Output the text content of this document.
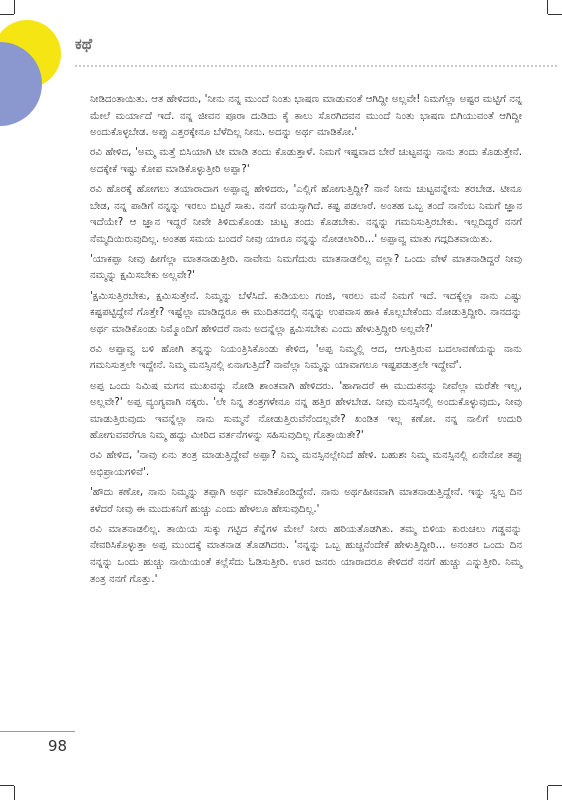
ಕಥೆ

ನೀಡಿದಂತಾಯಿತು. ಆತ ಹೇಳಿದರು, 'ನೀನು ನನ್ನ ಮುಂದೆ ನಿಂತು ಭಾಷಣ ಮಾಡುವಂತೆ ಆಗಿದ್ದೀ ಅಲ್ಲವೇ! ನಿಮಗೆಲ್ಲಾ ಅಷ್ಟರ ಮಟ್ಟಿಗೆ ನನ್ನ ಮೇಲೆ ಮರ್ಯಾದೆ ಇದೆ. ನನ್ನ ಜೀವನ ಪೂರಾ ದುಡಿದು ಕೈ ಕಾಲು ಸೊರಗಿದವನ ಮುಂದೆ ನಿಂತು ಭಾಷಣ ಬಿಗಿಯುವಂತೆ ಆಗಿದ್ದೀ ಅಂದುಕೊಳ್ಳಬೇಡ. ಅಪ್ಪು ಎತ್ತರಕ್ಕೇನೂ ಬೆಳೆದಿಲ್ಲ ನೀನು. ಅದನ್ನು ಅರ್ಥ ಮಾಡಿಕೋ.'

ರವಿ ಹೇಳಿದ, 'ಅಮ್ಮ ಮತ್ತೆ ಬಿಸಿಯಾಗಿ ಟೀ ಮಾಡಿ ತಂದು ಕೊಡುತ್ತಾಳೆ. ನಿಮಗೆ ಇಷ್ಟವಾದ ಬೇರೆ ಚುಟ್ಟವನ್ನು ನಾನು ತಂದು ಕೊಡುತ್ತೇನೆ. ಅದಕ್ಕೇಕೆ ಇಷ್ಟು ಕೋಪ ಮಾಡಿಕೊಳ್ಳುತ್ತೀರಿ ಅಪ್ಪಾ?'

ರವಿ ಹೊರಕ್ಕೆ ಹೋಗಲು ತಯಾರಾದಾಗ ಅಪ್ಪಾವ್ವ ಹೇಳಿದರು, 'ಎಲ್ಲಿಗೆ ಹೋಗುತ್ತಿದ್ದೀ? ನಾನೆ ನೀನು ಚುಟ್ಟವನ್ನೇನು ತರಬೇಡ. ಟೀನೂ ಬೇಡ, ನನ್ನ ಪಾಡಿಗೆ ನನ್ನನ್ನು ಇರಲು ಬಿಟ್ಟರೆ ಸಾಕು. ನನಗೆ ವಯಸ್ಸಾಗಿದೆ. ಕಷ್ಟ ಪಡಲಾರೆ. ಅಂತಹ ಒಬ್ಬ ತಂದೆ ನಾನೆಂಬ ನಿಮಗೆ ಜ್ಞಾನ ಇದೆಯೇ? ಆ ಜ್ಞಾನ ಇದ್ದರೆ ನೀವೇ ತಿಳಿದುಕೊಂಡು ಚುಟ್ಟ ತಂದು ಕೊಡಬೇಕು. ನನ್ನನ್ನು ಗಮನಿಸುತ್ತಿರಬೇಕು. ಇಲ್ಲದಿದ್ದರೆ ನನಗೆ ನೆಮ್ಮದಿಯಿರುವುದಿಲ್ಲ. ಅಂತಹ ಸಮಯ ಬಂದರೆ ನೀವು ಯಾರೂ ನನ್ನನ್ನು ನೋಡಲಾರಿರಿ...' ಅಪ್ಪಾವ್ವ ಮಾತು ಗದ್ಗದಿತವಾಯಿತು.

'ಯಾಕಪ್ಪಾ ನೀವು ಹೀಗೆಲ್ಲಾ ಮಾತನಾಡುತ್ತೀರಿ. ನಾವೇನು ನಿಮಗೆದುರು ಮಾತನಾಡಲಿಲ್ಲ ವಲ್ಲಾ? ಒಂದು ವೇಳೆ ಮಾತನಾಡಿದ್ದರೆ ನೀವು ನಮ್ಮನ್ನು ಕ್ಷಮಿಸಬೇಕು ಅಲ್ಲವೇ?'

'ಕ್ಷಮಿಸುತ್ತಿರಬೇಕು, ಕ್ಷಮಿಸುತ್ತೇನೆ. ನಿಮ್ಮನ್ನು ಬೆಳೆಸಿದೆ. ಕುಡಿಯಲು ಗಂಜಿ, ಇರಲು ಮನೆ ನಿಮಗೆ ಇದೆ. ಇದಕ್ಕೆಲ್ಲಾ ನಾನು ಎಷ್ಟು ಕಷ್ಟಪಟ್ಟಿದ್ದೇನೆ ಗೊತ್ತೇ? ಇಷ್ಟೆಲ್ಲಾ ಮಾಡಿದ್ದರೂ ಈ ಮುದಿತನದಲ್ಲಿ ನನ್ನನ್ನು ಉಪವಾಸ ಹಾಕಿ ಕೊಲ್ಲಬೇಕೆಂದು ನೋಡುತ್ತಿದ್ದೀರಿ. ನಾನದನ್ನು ಅರ್ಥ ಮಾಡಿಕೊಂಡು ನಿಮ್ಮೊಂದಿಗೆ ಹೇಳಿದರೆ ನಾನು ಅದನ್ನೆಲ್ಲಾ ಕ್ಷಮಿಸಬೇಕು ಎಂದು ಹೇಳುತ್ತಿದ್ದೀರಿ ಅಲ್ಲವೇ?'

ರವಿ ಅಪ್ಪಾವ್ವ ಬಳಿ ಹೋಗಿ ತನ್ನನ್ನು ನಿಯಂತ್ರಿಸಿಕೊಂಡು ಕೇಳಿದ, 'ಅಪ್ಪ ನಿಮ್ಮಲ್ಲಿ ಆದ, ಆಗುತ್ತಿರುವ ಬದಲಾವಣೆಯನ್ನು ನಾನು ಗಮನಿಸುತ್ತಲೇ ಇದ್ದೇನೆ. ನಿಮ್ಮ ಮನಸ್ಸಿನಲ್ಲಿ ಏನಾಗುತ್ತಿದೆ? ನಾವೆಲ್ಲಾ ನಿಮ್ಮನ್ನು ಯಾವಾಗಲೂ ಇಷ್ಟಪಡುತ್ತಲೇ ಇದ್ದೇವೆ'.

ಅಪ್ಪ ಒಂದು ನಿಮಿಷ ಮಗನ ಮುಖವನ್ನು ನೋಡಿ ಶಾಂತವಾಗಿ ಹೇಳಿದರು. 'ಹಾಗಾದರೆ ಈ ಮುದುಕನನ್ನು ನೀವೆಲ್ಲಾ ಮರೆತೇ ಇಲ್ಲ, ಅಲ್ಲವೇ?' ಅಪ್ಪ ವ್ಯಂಗ್ಯವಾಗಿ ನಕ್ಕರು. 'ಲೇ ನಿನ್ನ ತಂತ್ರಗಳೇನೂ ನನ್ನ ಹತ್ತಿರ ಹೇಳಬೇಡ. ನೀವು ಮನಸ್ಸಿನಲ್ಲಿ ಅಂದುಕೊಳ್ಳುವುದು, ನೀವು ಮಾಡುತ್ತಿರುವುದು ಇವನ್ನೆಲ್ಲಾ ನಾನು ಸುಮ್ಮನೆ ನೋಡುತ್ತಿರುವೆನೆಂದಲ್ಲವೇ? ಖಂಡಿತ ಇಲ್ಲ ಕಣೋ. ನನ್ನ ನಾಲಿಗೆ ಉದುರಿ ಹೋಗುವವರೆಗೂ ನಿಮ್ಮ ಹದ್ದು ಮೀರಿದ ವರ್ತನೆಗಳನ್ನು ಸಹಿಸುವುದಿಲ್ಲ ಗೊತ್ತಾಯಿತೇ?'

ರವಿ ಹೇಳಿದ, 'ನಾವು ಏನು ತಂತ್ರ ಮಾಡುತ್ತಿದ್ದೇವೆ ಅಪ್ಪಾ? ನಿಮ್ಮ ಮನಸ್ಸಿನಲ್ಲೇನಿದೆ ಹೇಳಿ. ಬಹುಶಃ ನಿಮ್ಮ ಮನಸ್ಸಿನಲ್ಲಿ ಏನೇನೋ ತಪ್ಪು ಅಭಿಪ್ರಾಯಗಳಿವೆ'.

'ಹೌದು ಕಣೋ, ನಾನು ನಿಮ್ಮನ್ನು ತಪ್ಪಾಗಿ ಅರ್ಥ ಮಾಡಿಕೊಂಡಿದ್ದೇನೆ. ನಾನು ಅರ್ಥಹೀನವಾಗಿ ಮಾತನಾಡುತ್ತಿದ್ದೇನೆ. ಇನ್ನು ಸ್ವಲ್ಪ ದಿನ ಕಳೆದರೆ ನೀವು ಈ ಮುದುಕನಿಗೆ ಹುಚ್ಚು ಎಂದು ಹೇಳಲೂ ಹೇಸುವುದಿಲ್ಲ.'

ರವಿ ಮಾತನಾಡಲಿಲ್ಲ. ತಾಯಿಯ ಸುಕ್ಕು ಗಟ್ಟಿದ ಕೆನ್ನೆಗಳ ಮೇಲೆ ನೀರು ಹರಿಯತೊಡಗಿತು. ತಮ್ಮ ಬಿಳಿಯ ಕುರುಚಲು ಗಡ್ಡವನ್ನು ನೇವರಿಸಿಕೊಳ್ಳುತ್ತಾ ಅಪ್ಪ ಮುಂದಕ್ಕೆ ಮಾತನಾಡ ತೊಡಗಿದರು. 'ನನ್ನನ್ನು ಒಬ್ಬ ಹುಚ್ಚನೆಂದೇಕೆ ಹೇಳುತ್ತಿದ್ದೀರಿ... ಅನಂತರ ಒಂದು ದಿನ ನನ್ನನ್ನು ಒಂದು ಹುಚ್ಚು ನಾಯಿಯಂತೆ ಕಲ್ಲೆಸೆದು ಓಡಿಸುತ್ತೀರಿ. ಊರ ಜನರು ಯಾರಾದರೂ ಕೇಳಿದರೆ ನನಗೆ ಹುಚ್ಚು ಎನ್ನುತ್ತೀರಿ. ನಿಮ್ಮ ತಂತ್ರ ನನಗೆ ಗೊತ್ತು.'

98
